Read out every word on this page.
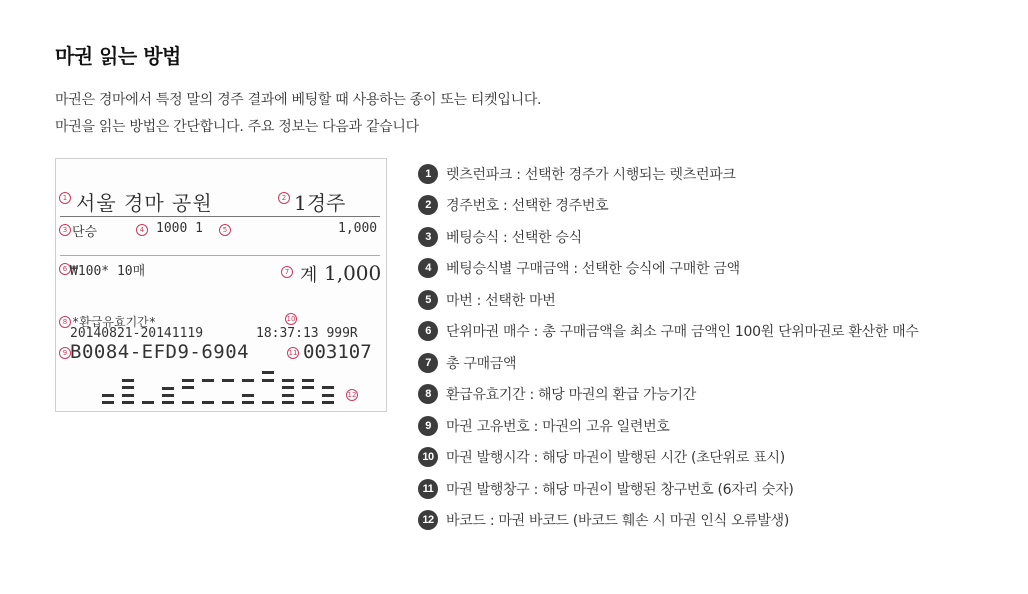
마권 읽는 방법

마권은 경마에서 특정 말의 경주 결과에 베팅할 때 사용하는 종이 또는 티켓입니다.

마권을 읽는 방법은 간단합니다. 주요 정보는 다음과 같습니다

1 서울 경마 공원	2 1경주
3 단승	4 1000 1	5	1,000
6 ₩100* 10매	7 계 1,000
8 *환급유효기간*	10
20140821-20141119	18:37:13 999R
9 B0084-EFD9-6904	11 003107
12
1	렛츠런파크 : 선택한 경주가 시행되는 렛츠런파크
2	경주번호 : 선택한 경주번호
3	베팅승식 : 선택한 승식
4	베팅승식별 구매금액 : 선택한 승식에 구매한 금액
5	마번 : 선택한 마번
6	단위마권 매수 : 총 구매금액을 최소 구매 금액인 100원 단위마권로 환산한 매수
7	총 구매금액
8	환급유효기간 : 해당 마권의 환급 가능기간
9	마권 고유번호 : 마권의 고유 일련번호
10 마권 발행시각 : 해당 마권이 발행된 시간 (초단위로 표시)
11 마권 발행창구 : 해당 마권이 발행된 창구번호 (6자리 숫자)
12 바코드 : 마권 바코드 (바코드 훼손 시 마권 인식 오류발생)
